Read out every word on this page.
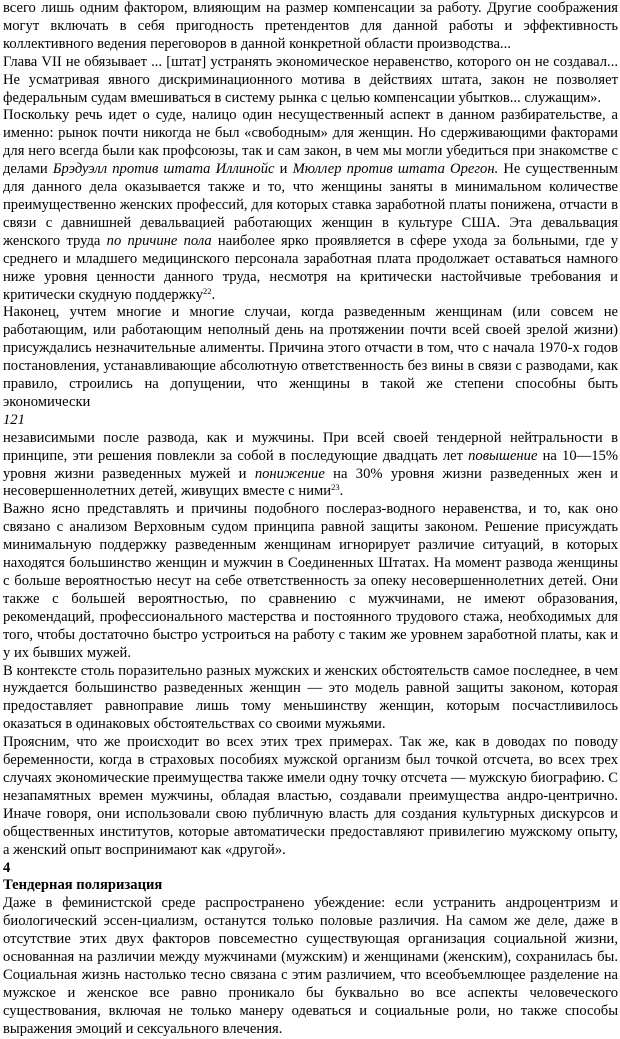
всего лишь одним фактором, влияющим на размер компенсации за работу. Другие соображения могут включать в себя пригодность претендентов для данной работы и эффективность коллективного ведения переговоров в данной конкретной области производства...

Глава VII не обязывает ... [штат] устранять экономическое неравенство, которого он не создавал... Не усматривая явного дискриминационного мотива в действиях штата, закон не позволяет федеральным судам вмешиваться в систему рынка с целью компенсации убытков... служащим».

Поскольку речь идет о суде, налицо один несущественный аспект в данном разбирательстве, а именно: рынок почти никогда не был «свободным» для женщин. Но сдерживающими факторами для него всегда были как профсоюзы, так и сам закон, в чем мы могли убедиться при знакомстве с делами Брэдуэлл против штата Иллинойс и Мюллер против штата Орегон. Не существенным для данного дела оказывается также и то, что женщины заняты в минимальном количестве преимущественно женских профессий, для которых ставка заработной платы понижена, отчасти в связи с давнишней девальвацией работающих женщин в культуре США. Эта девальвация женского труда по причине пола наиболее ярко проявляется в сфере ухода за больными, где у среднего и младшего медицинского персонала заработная плата продолжает оставаться намного ниже уровня ценности данного труда, несмотря на критически настойчивые требования и критически скудную поддержку$^{22}$.

Наконец, учтем многие и многие случаи, когда разведенным женщинам (или совсем не работающим, или работающим неполный день на протяжении почти всей своей зрелой жизни) присуждались незначительные алименты. Причина этого отчасти в том, что с начала 1970-х годов постановления, устанавливающие абсолютную ответственность без вины в связи с разводами, как правило, строились на допущении, что женщины в такой же степени способны быть экономически

121

независимыми после развода, как и мужчины. При всей своей тендерной нейтральности в принципе, эти решения повлекли за собой в последующие двадцать лет повышение на 10—15% уровня жизни разведенных мужей и понижение на 30% уровня жизни разведенных жен и несовершеннолетних детей, живущих вместе с ними$^{23}$.

Важно ясно представлять и причины подобного послераз-водного неравенства, и то, как оно связано с анализом Верховным судом принципа равной защиты законом. Решение присуждать минимальную поддержку разведенным женщинам игнорирует различие ситуаций, в которых находятся большинство женщин и мужчин в Соединенных Штатах. На момент развода женщины с больше вероятностью несут на себе ответственность за опеку несовершеннолетних детей. Они также с большей вероятностью, по сравнению с мужчинами, не имеют образования, рекомендаций, профессионального мастерства и постоянного трудового стажа, необходимых для того, чтобы достаточно быстро устроиться на работу с таким же уровнем заработной платы, как и у их бывших мужей.

В контексте столь поразительно разных мужских и женских обстоятельств самое последнее, в чем нуждается большинство разведенных женщин — это модель равной защиты законом, которая предоставляет равноправие лишь тому меньшинству женщин, которым посчастливилось оказаться в одинаковых обстоятельствах со своими мужьями.

Проясним, что же происходит во всех этих трех примерах. Так же, как в доводах по поводу беременности, когда в страховых пособиях мужской организм был точкой отсчета, во всех трех случаях экономические преимущества также имели одну точку отсчета — мужскую биографию. С незапамятных времен мужчины, обладая властью, создавали преимущества андро-центрично. Иначе говоря, они использовали свою публичную власть для создания культурных дискурсов и общественных институтов, которые автоматически предоставляют привилегию мужскому опыту, а женский опыт воспринимают как «другой».

4
Тендерная поляризация

Даже в феминистской среде распространено убеждение: если устранить андроцентризм и биологический эссен-циализм, останутся только половые различия. На самом же деле, даже в отсутствие этих двух факторов повсеместно существующая организация социальной жизни, основанная на различии между мужчинами (мужским) и женщинами (женским), сохранилась бы. Социальная жизнь настолько тесно связана с этим различием, что всеобъемлющее разделение на мужское и женское все равно проникало бы буквально во все аспекты человеческого существования, включая не только манеру одеваться и социальные роли, но также способы выражения эмоций и сексуального влечения.
